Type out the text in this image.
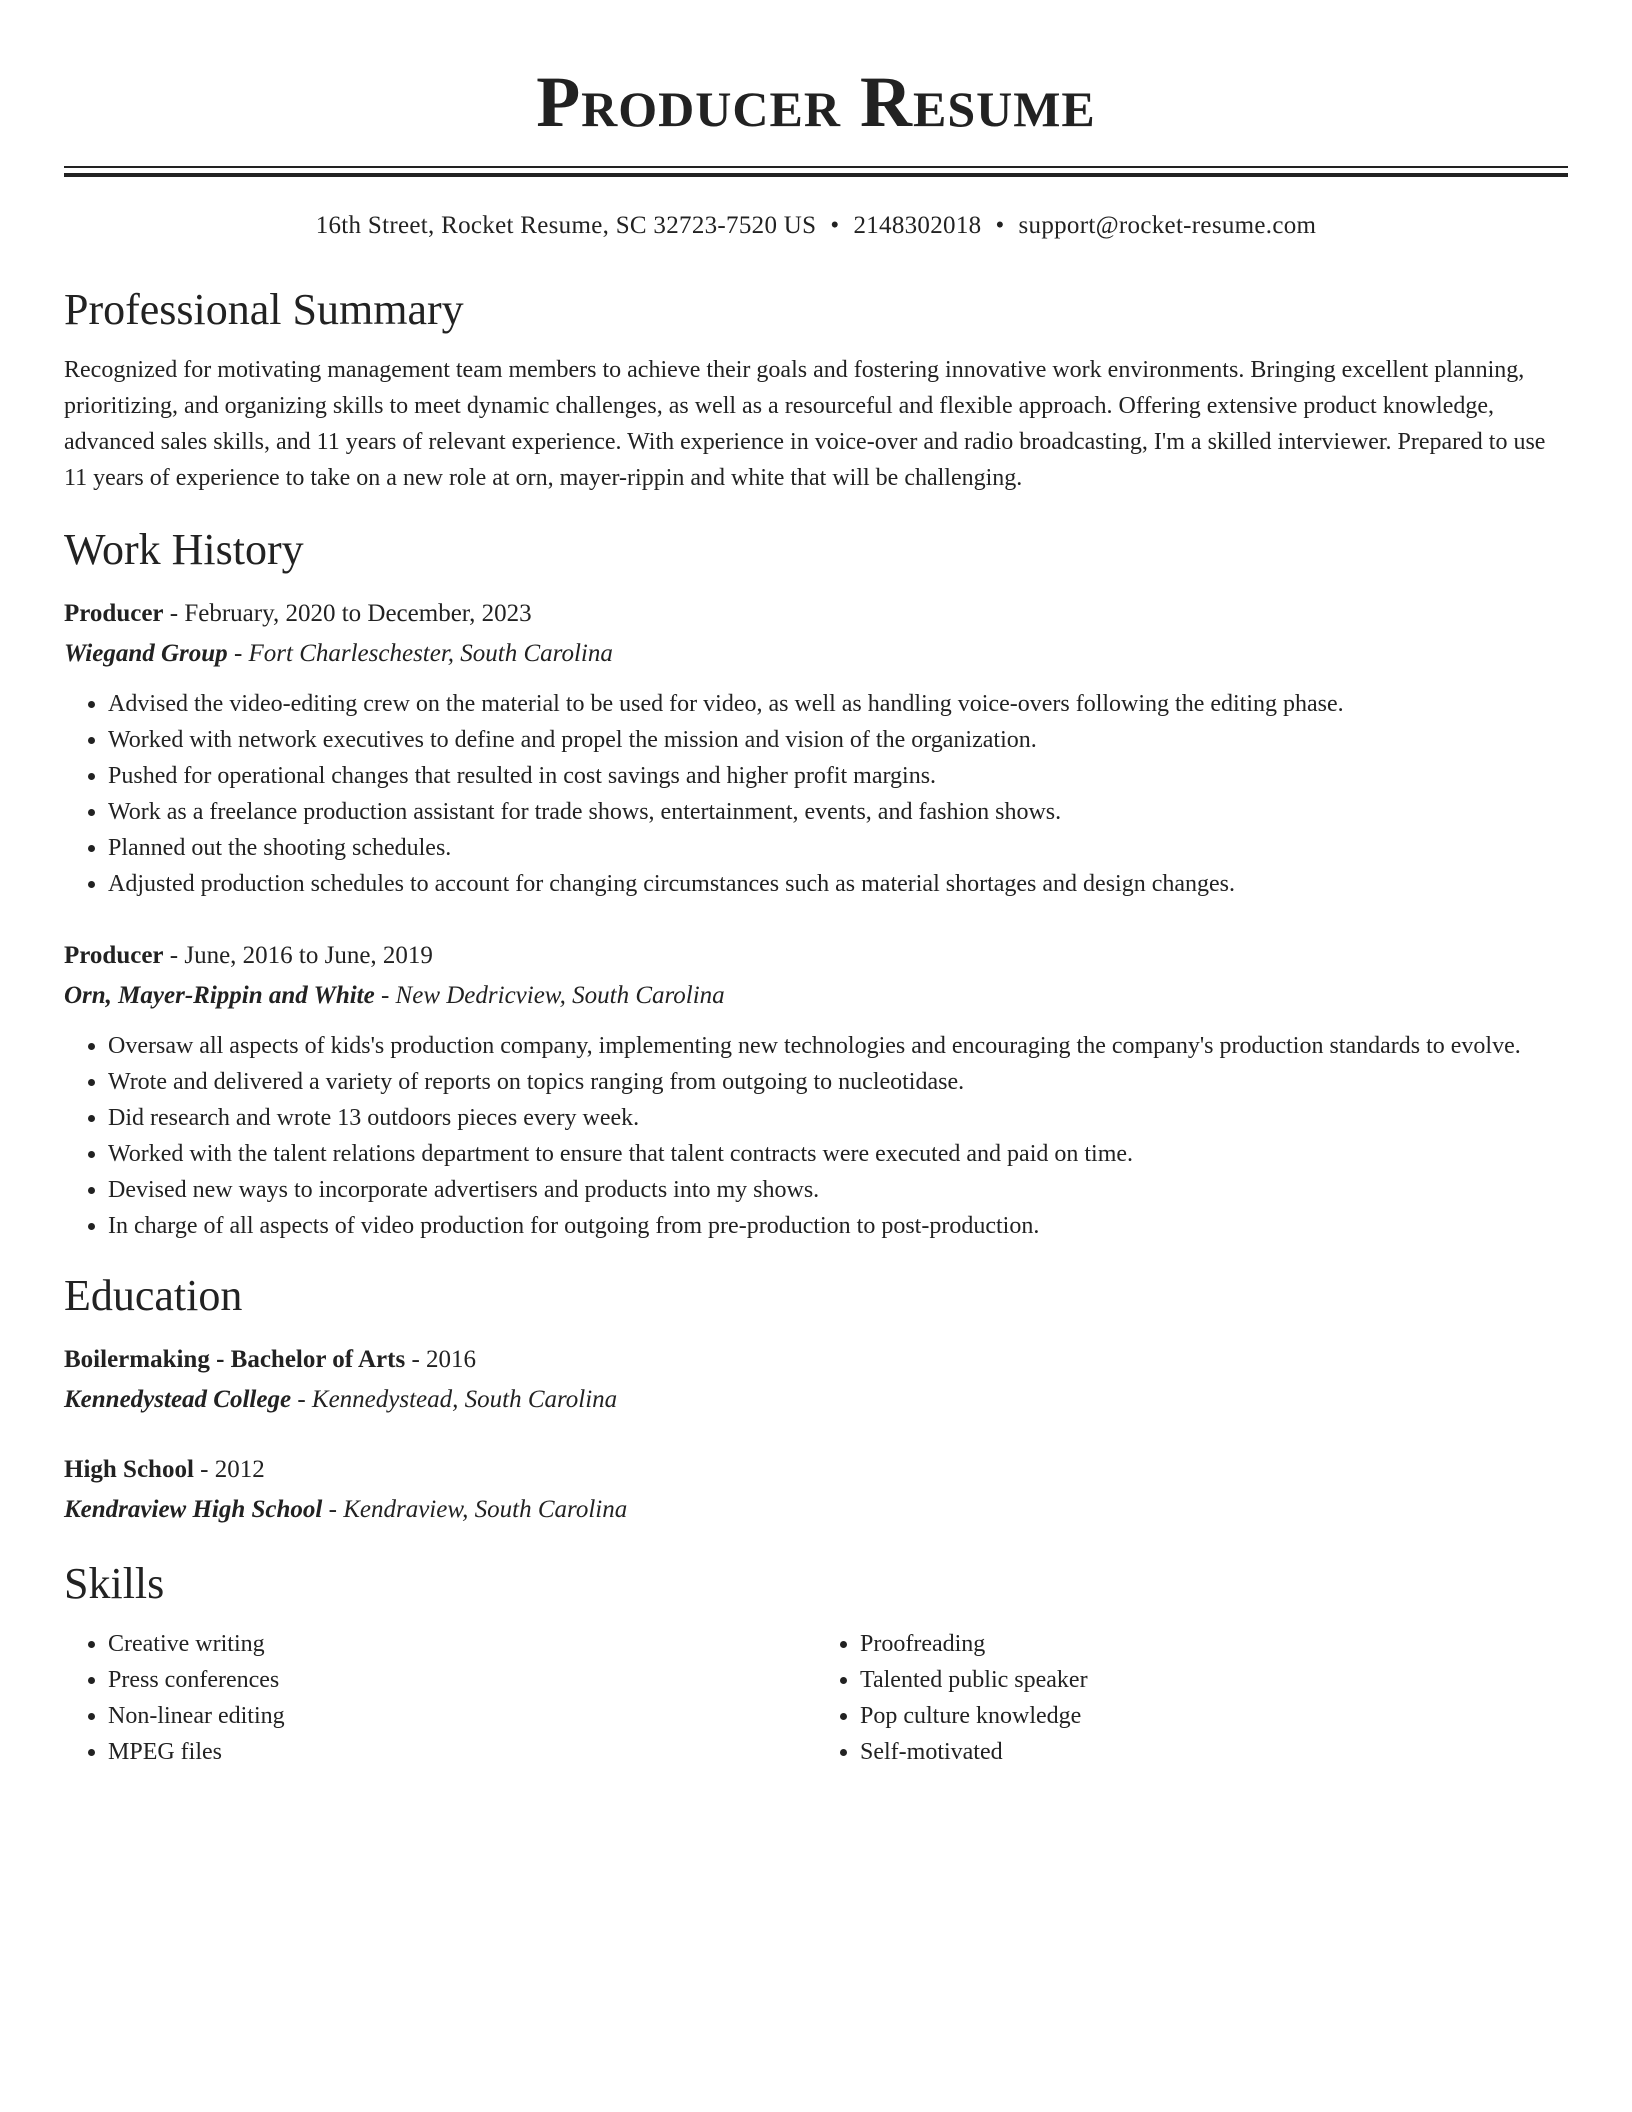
Producer Resume
16th Street, Rocket Resume, SC 32723-7520 US • 2148302018 • support@rocket-resume.com
Professional Summary

Recognized for motivating management team members to achieve their goals and fostering innovative work environments. Bringing excellent planning, prioritizing, and organizing skills to meet dynamic challenges, as well as a resourceful and flexible approach. Offering extensive product knowledge, advanced sales skills, and 11 years of relevant experience. With experience in voice-over and radio broadcasting, I'm a skilled interviewer. Prepared to use 11 years of experience to take on a new role at orn, mayer-rippin and white that will be challenging.

Work History
Producer - February, 2020 to December, 2023
Wiegand Group - Fort Charleschester, South Carolina
• Advised the video-editing crew on the material to be used for video, as well as handling voice-overs following the editing phase.
• Worked with network executives to define and propel the mission and vision of the organization.
• Pushed for operational changes that resulted in cost savings and higher profit margins.
• Work as a freelance production assistant for trade shows, entertainment, events, and fashion shows.
• Planned out the shooting schedules.
• Adjusted production schedules to account for changing circumstances such as material shortages and design changes.
Producer - June, 2016 to June, 2019
Orn, Mayer-Rippin and White - New Dedricview, South Carolina
• Oversaw all aspects of kids's production company, implementing new technologies and encouraging the company's production standards to evolve.
• Wrote and delivered a variety of reports on topics ranging from outgoing to nucleotidase.
• Did research and wrote 13 outdoors pieces every week.
• Worked with the talent relations department to ensure that talent contracts were executed and paid on time.
• Devised new ways to incorporate advertisers and products into my shows.
• In charge of all aspects of video production for outgoing from pre-production to post-production.
Education
Boilermaking - Bachelor of Arts - 2016
Kennedystead College - Kennedystead, South Carolina
High School - 2012
Kendraview High School - Kendraview, South Carolina
Skills
• Creative writing
• Press conferences
• Non-linear editing
• MPEG files
• Proofreading
• Talented public speaker
• Pop culture knowledge
• Self-motivated
